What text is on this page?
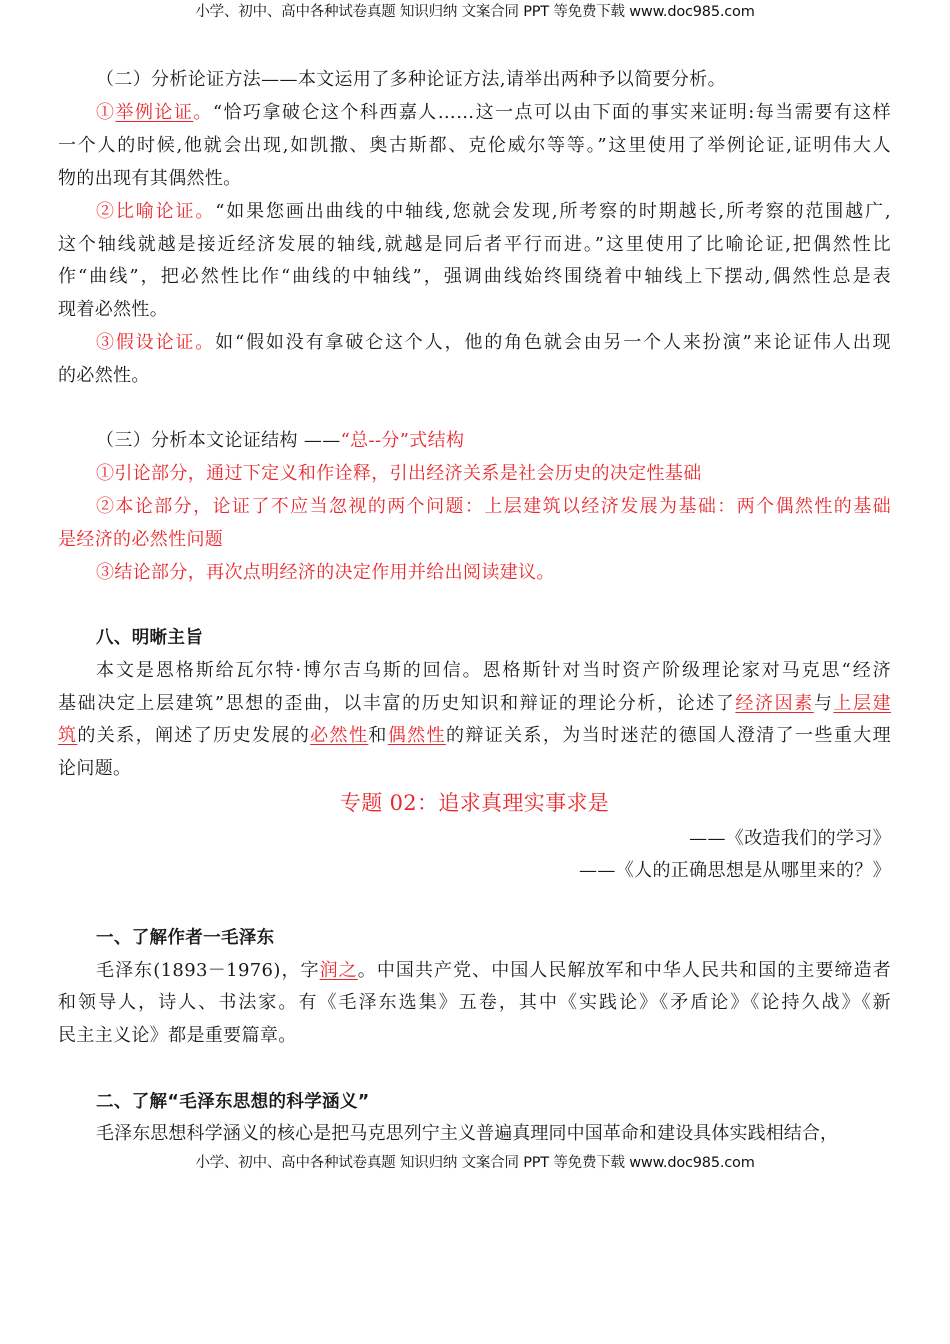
小学、初中、高中各种试卷真题 知识归纳 文案合同 PPT 等免费下载 www.doc985.com
（二）分析论证方法——本文运用了多种论证方法,请举出两种予以简要分析。
①举例论证。“恰巧拿破仑这个科西嘉人……这一点可以由下面的事实来证明:每当需要有这样
一个人的时候,他就会出现,如凯撒、奥古斯都、克伦威尔等等。”这里使用了举例论证,证明伟大人
物的出现有其偶然性。
②比喻论证。“如果您画出曲线的中轴线,您就会发现,所考察的时期越长,所考察的范围越广,
这个轴线就越是接近经济发展的轴线,就越是同后者平行而进。”这里使用了比喻论证,把偶然性比
作“曲线”，把必然性比作“曲线的中轴线”，强调曲线始终围绕着中轴线上下摆动,偶然性总是表
现着必然性。
③假设论证。如“假如没有拿破仑这个人，他的角色就会由另一个人来扮演”来论证伟人出现
的必然性。
（三）分析本文论证结构 ——“总--分”式结构
①引论部分，通过下定义和作诠释，引出经济关系是社会历史的决定性基础
②本论部分，论证了不应当忽视的两个问题：上层建筑以经济发展为基础：两个偶然性的基础
是经济的必然性问题
③结论部分，再次点明经济的决定作用并给出阅读建议。
八、明晰主旨
本文是恩格斯给瓦尔特·博尔吉乌斯的回信。恩格斯针对当时资产阶级理论家对马克思“经济
基础决定上层建筑”思想的歪曲，以丰富的历史知识和辩证的理论分析，论述了经济因素与上层建
筑的关系，阐述了历史发展的必然性和偶然性的辩证关系，为当时迷茫的德国人澄清了一些重大理
论问题。
专题 02：追求真理实事求是
——《改造我们的学习》
——《人的正确思想是从哪里来的？》
一、了解作者一毛泽东
毛泽东(1893－1976)，字润之。中国共产党、中国人民解放军和中华人民共和国的主要缔造者
和领导人，诗人、书法家。有《毛泽东选集》五卷，其中《实践论》《矛盾论》《论持久战》《新
民主主义论》都是重要篇章。
二、了解“毛泽东思想的科学涵义”
毛泽东思想科学涵义的核心是把马克思列宁主义普遍真理同中国革命和建设具体实践相结合，
小学、初中、高中各种试卷真题 知识归纳 文案合同 PPT 等免费下载 www.doc985.com
